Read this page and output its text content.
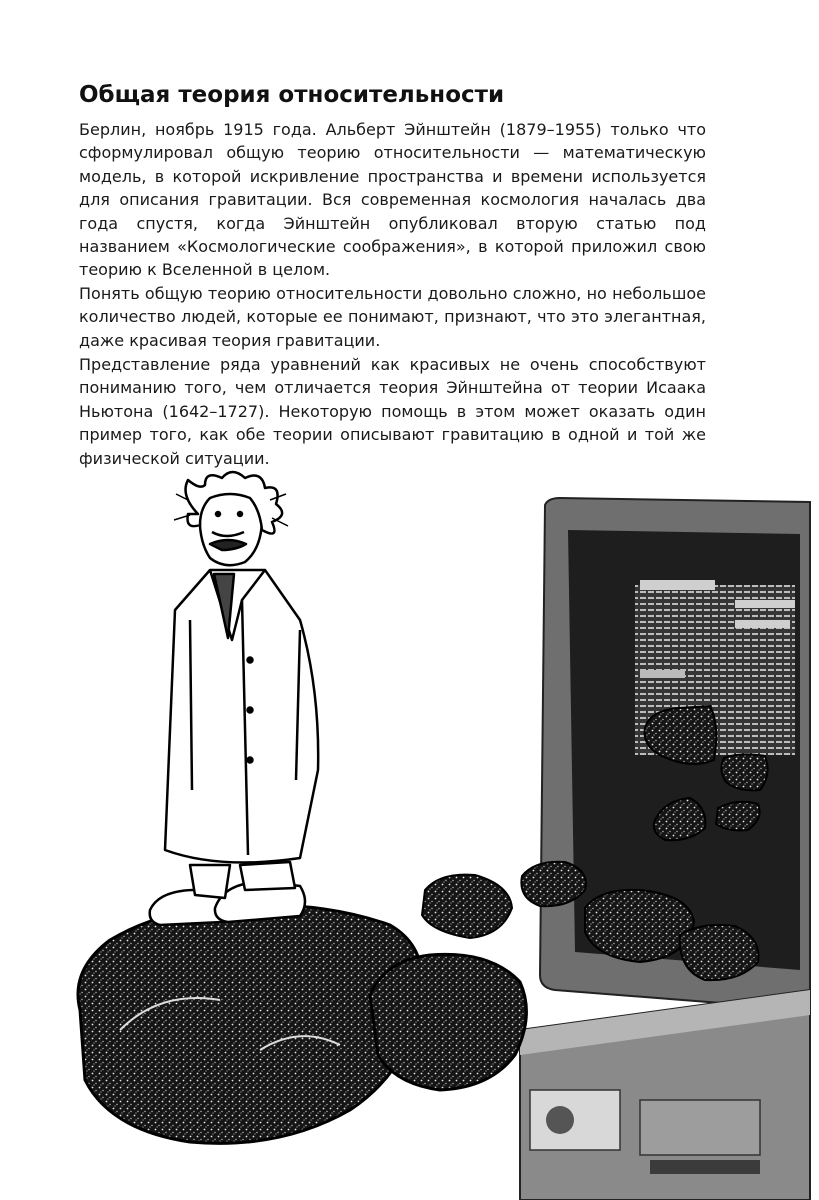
Общая теория относительности

Берлин, ноябрь 1915 года. Альберт Эйнштейн (1879–1955) только что сформулировал общую теорию относительности — математическую модель, в которой искривление пространства и времени используется для описания гравитации. Вся современная космология началась два года спустя, когда Эйнштейн опубликовал вторую статью под названием «Космологические соображения», в которой приложил свою теорию к Вселенной в целом.

Понять общую теорию относительности довольно сложно, но небольшое количество людей, которые ее понимают, признают, что это элегантная, даже красивая теория гравитации.

Представление ряда уравнений как красивых не очень способствуют пониманию того, чем отличается теория Эйнштейна от теории Исаака Ньютона (1642–1727). Некоторую помощь в этом может оказать один пример того, как обе теории описывают гравитацию в одной и той же физической ситуации.
